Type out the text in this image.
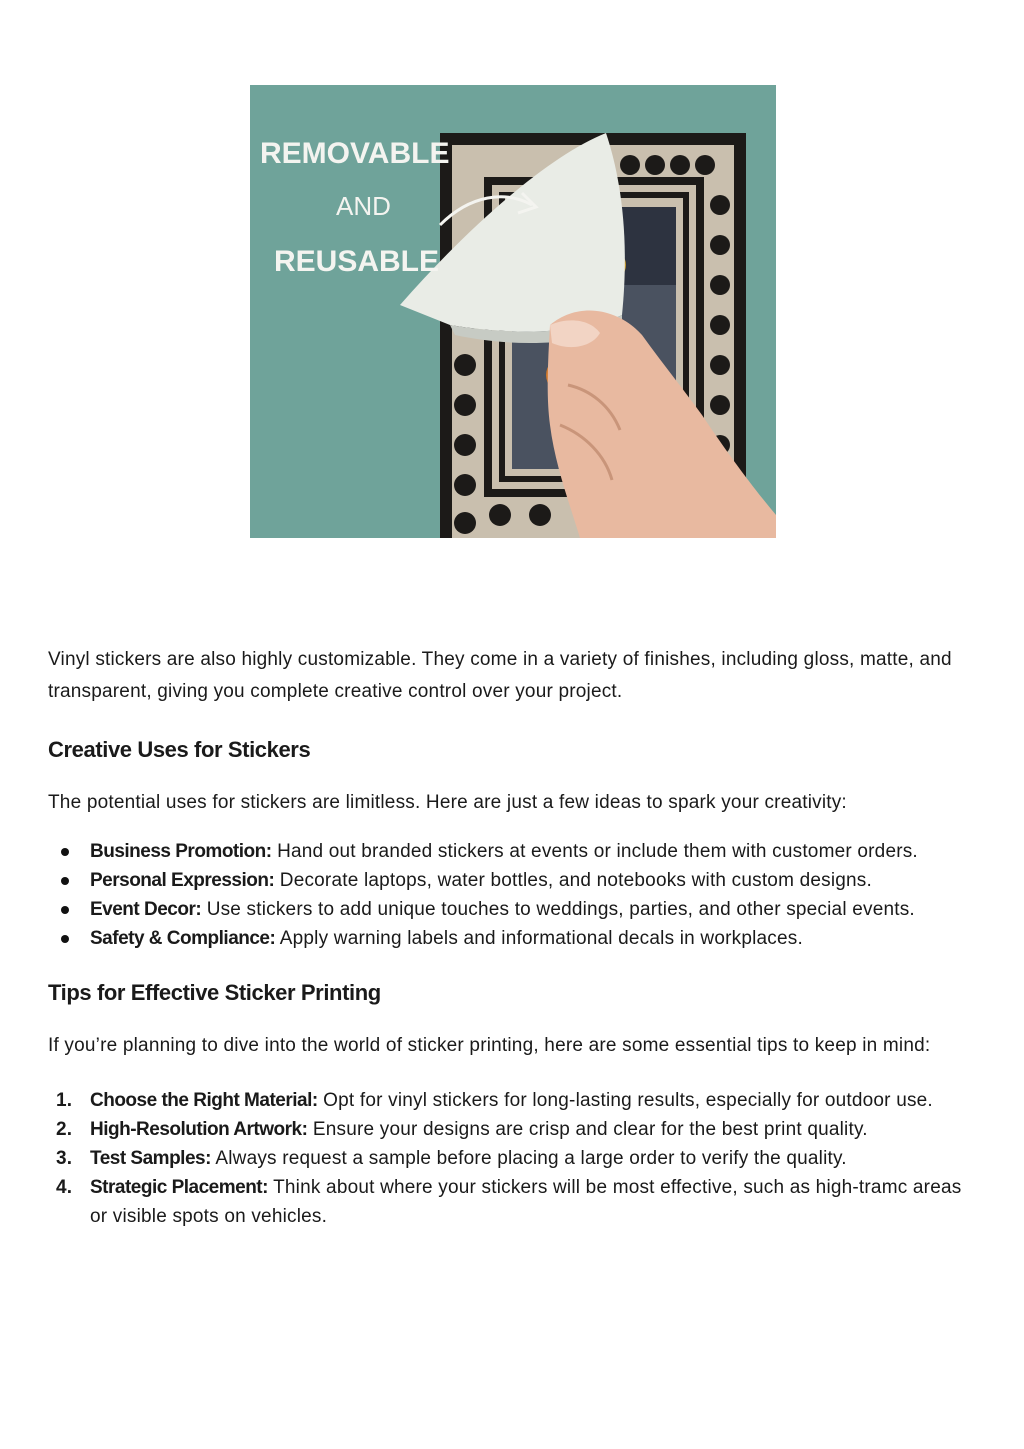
REMOVABLE
AND
REUSABLE

Vinyl stickers are also highly customizable. They come in a variety of finishes, including gloss, matte, and transparent, giving you complete creative control over your project.

Creative Uses for Stickers

The potential uses for stickers are limitless. Here are just a few ideas to spark your creativity:

Business Promotion: Hand out branded stickers at events or include them with customer orders.
Personal Expression: Decorate laptops, water bottles, and notebooks with custom designs.
Event Decor: Use stickers to add unique touches to weddings, parties, and other special events.
Safety & Compliance: Apply warning labels and informational decals in workplaces.
Tips for Effective Sticker Printing

If you’re planning to dive into the world of sticker printing, here are some essential tips to keep in mind:

1. Choose the Right Material: Opt for vinyl stickers for long-lasting results, especially for outdoor use.
2. High-Resolution Artwork: Ensure your designs are crisp and clear for the best print quality.
3. Test Samples: Always request a sample before placing a large order to verify the quality.
4. Strategic Placement: Think about where your stickers will be most effective, such as high-tramc areas or visible spots on vehicles.
